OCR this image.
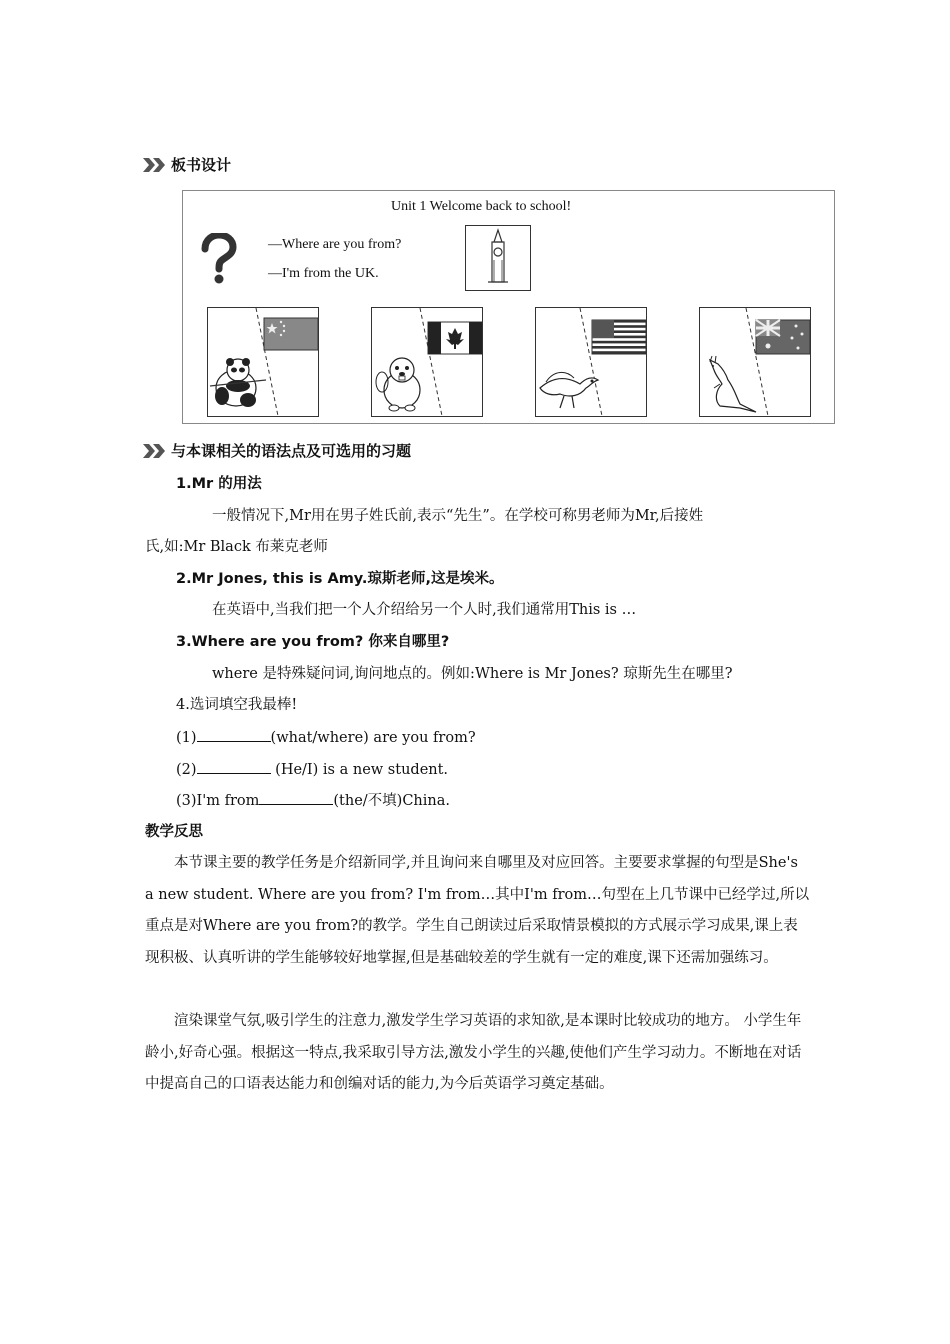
板书设计
Unit 1 Welcome back to school!
—Where are you from?
—I'm from the UK.
与本课相关的语法点及可选用的习题
1.Mr 的用法
一般情况下,Mr用在男子姓氏前,表示“先生”。在学校可称男老师为Mr,后接姓
氏,如:Mr Black 布莱克老师
2.Mr Jones, this is Amy.琼斯老师,这是埃米。
在英语中,当我们把一个人介绍给另一个人时,我们通常用This is …
3.Where are you from? 你来自哪里?
where 是特殊疑问词,询问地点的。例如:Where is Mr Jones? 琼斯先生在哪里?
4.选词填空我最棒!
(1)	(what/where) are you from?
(2)	(He/I) is a new student.
(3)I'm from	(the/不填)China.
教学反思
本节课主要的教学任务是介绍新同学,并且询问来自哪里及对应回答。主要要求掌握的句型是She's a new student. Where are you from? I'm from…其中I'm from…句型在上几节课中已经学过,所以重点是对Where are you from?的教学。学生自己朗读过后采取情景模拟的方式展示学习成果,课上表现积极、认真听讲的学生能够较好地掌握,但是基础较差的学生就有一定的难度,课下还需加强练习。
渲染课堂气氛,吸引学生的注意力,激发学生学习英语的求知欲,是本课时比较成功的地方。 小学生年龄小,好奇心强。根据这一特点,我采取引导方法,激发小学生的兴趣,使他们产生学习动力。不断地在对话中提高自己的口语表达能力和创编对话的能力,为今后英语学习奠定基础。
